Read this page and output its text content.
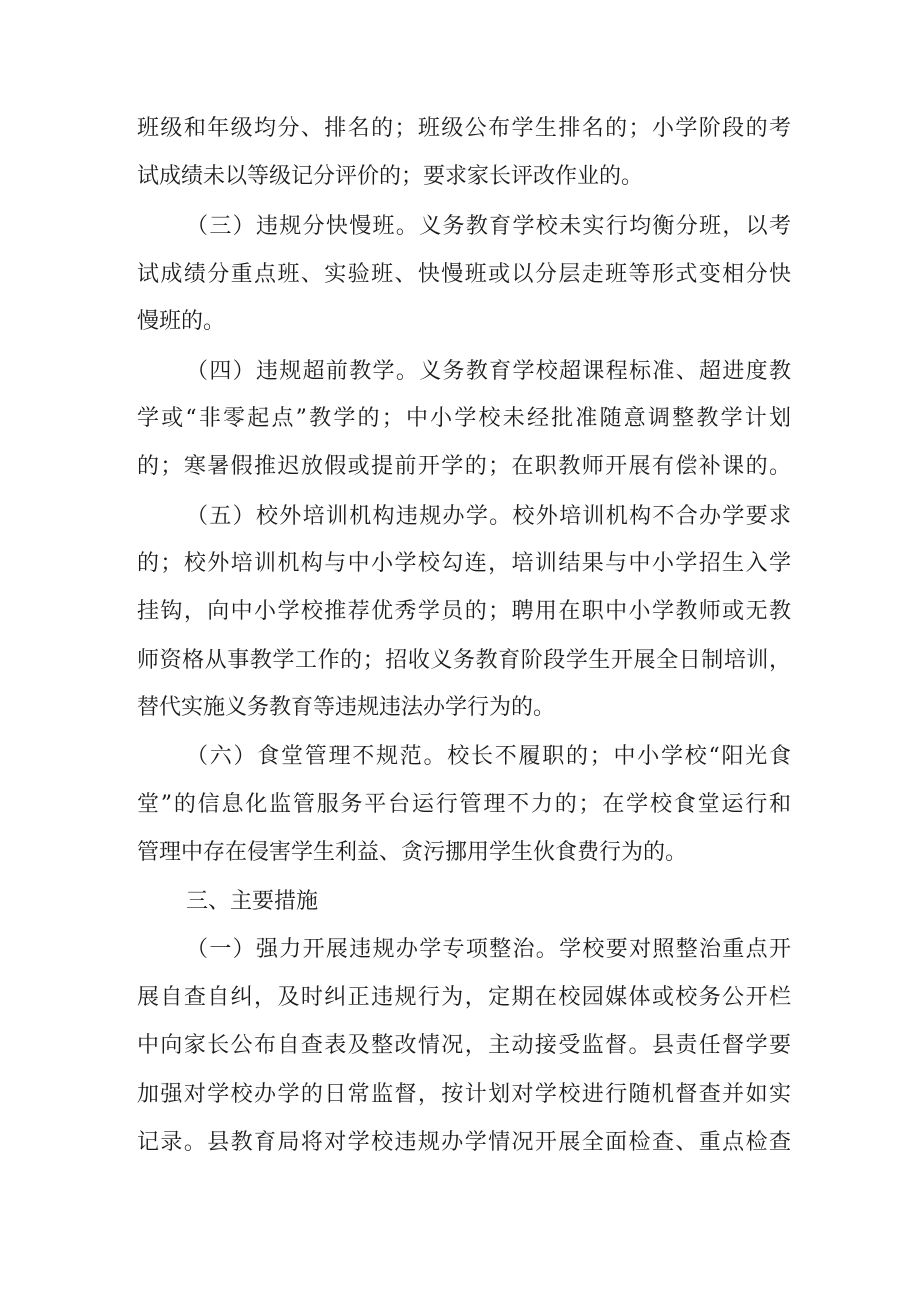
班级和年级均分、排名的；班级公布学生排名的；小学阶段的考
试成绩未以等级记分评价的；要求家长评改作业的。
（三）违规分快慢班。义务教育学校未实行均衡分班，以考
试成绩分重点班、实验班、快慢班或以分层走班等形式变相分快
慢班的。
（四）违规超前教学。义务教育学校超课程标准、超进度教
学或“非零起点”教学的；中小学校未经批准随意调整教学计划
的；寒暑假推迟放假或提前开学的；在职教师开展有偿补课的。
（五）校外培训机构违规办学。校外培训机构不合办学要求
的；校外培训机构与中小学校勾连，培训结果与中小学招生入学
挂钩，向中小学校推荐优秀学员的；聘用在职中小学教师或无教
师资格从事教学工作的；招收义务教育阶段学生开展全日制培训，
替代实施义务教育等违规违法办学行为的。
（六）食堂管理不规范。校长不履职的；中小学校“阳光食
堂”的信息化监管服务平台运行管理不力的；在学校食堂运行和
管理中存在侵害学生利益、贪污挪用学生伙食费行为的。
三、主要措施
（一）强力开展违规办学专项整治。学校要对照整治重点开
展自查自纠，及时纠正违规行为，定期在校园媒体或校务公开栏
中向家长公布自查表及整改情况，主动接受监督。县责任督学要
加强对学校办学的日常监督，按计划对学校进行随机督查并如实
记录。县教育局将对学校违规办学情况开展全面检查、重点检查
